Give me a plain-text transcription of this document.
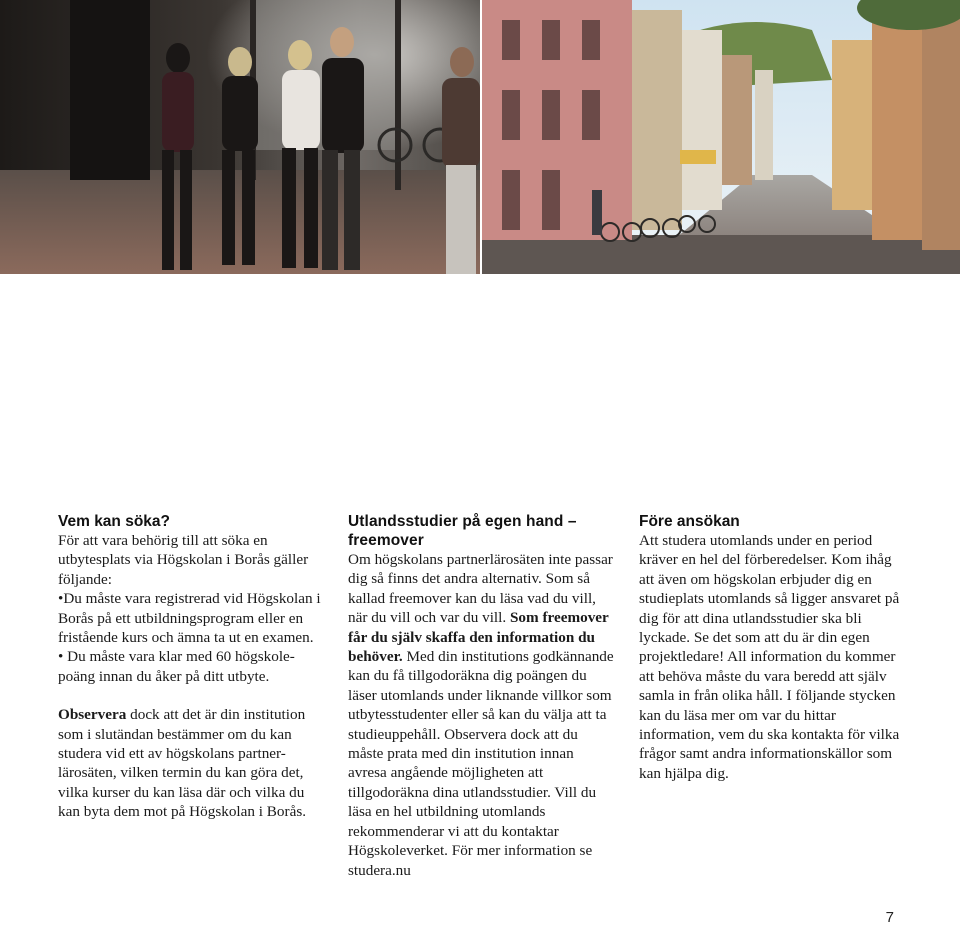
Vem kan söka?

För att vara behörig till att söka en utbytesplats via Högskolan i Borås gäller följande:

•Du måste vara registrerad vid Högskolan i Borås på ett utbildningsprogram eller en fristående kurs och ämna ta ut en examen.

• Du måste vara klar med 60 högskole-poäng innan du åker på ditt utbyte.

Observera dock att det är din institution som i slutändan bestämmer om du kan studera vid ett av högskolans partner-lärosäten, vilken termin du kan göra det, vilka kurser du kan läsa där och vilka du kan byta dem mot på Högskolan i Borås.

Utlandsstudier på egen hand – freemover

Om högskolans partnerlärosäten inte passar dig så finns det andra alternativ. Som så kallad freemover kan du läsa vad du vill, när du vill och var du vill. Som freemover får du själv skaffa den information du behöver. Med din institutions godkännande kan du få tillgodoräkna dig poängen du läser utomlands under liknande villkor som utbytesstudenter eller så kan du välja att ta studieuppehåll. Observera dock att du måste prata med din institution innan avresa angående möjligheten att tillgodoräkna dina utlandsstudier. Vill du läsa en hel utbildning utomlands rekommenderar vi att du kontaktar Högskoleverket. För mer information se studera.nu

Före ansökan

Att studera utomlands under en period kräver en hel del förberedelser. Kom ihåg att även om högskolan erbjuder dig en studieplats utomlands så ligger ansvaret på dig för att dina utlandsstudier ska bli lyckade. Se det som att du är din egen projektledare! All information du kommer att behöva måste du vara beredd att själv samla in från olika håll. I följande stycken kan du läsa mer om var du hittar information, vem du ska kontakta för vilka frågor samt andra informationskällor som kan hjälpa dig.

7
